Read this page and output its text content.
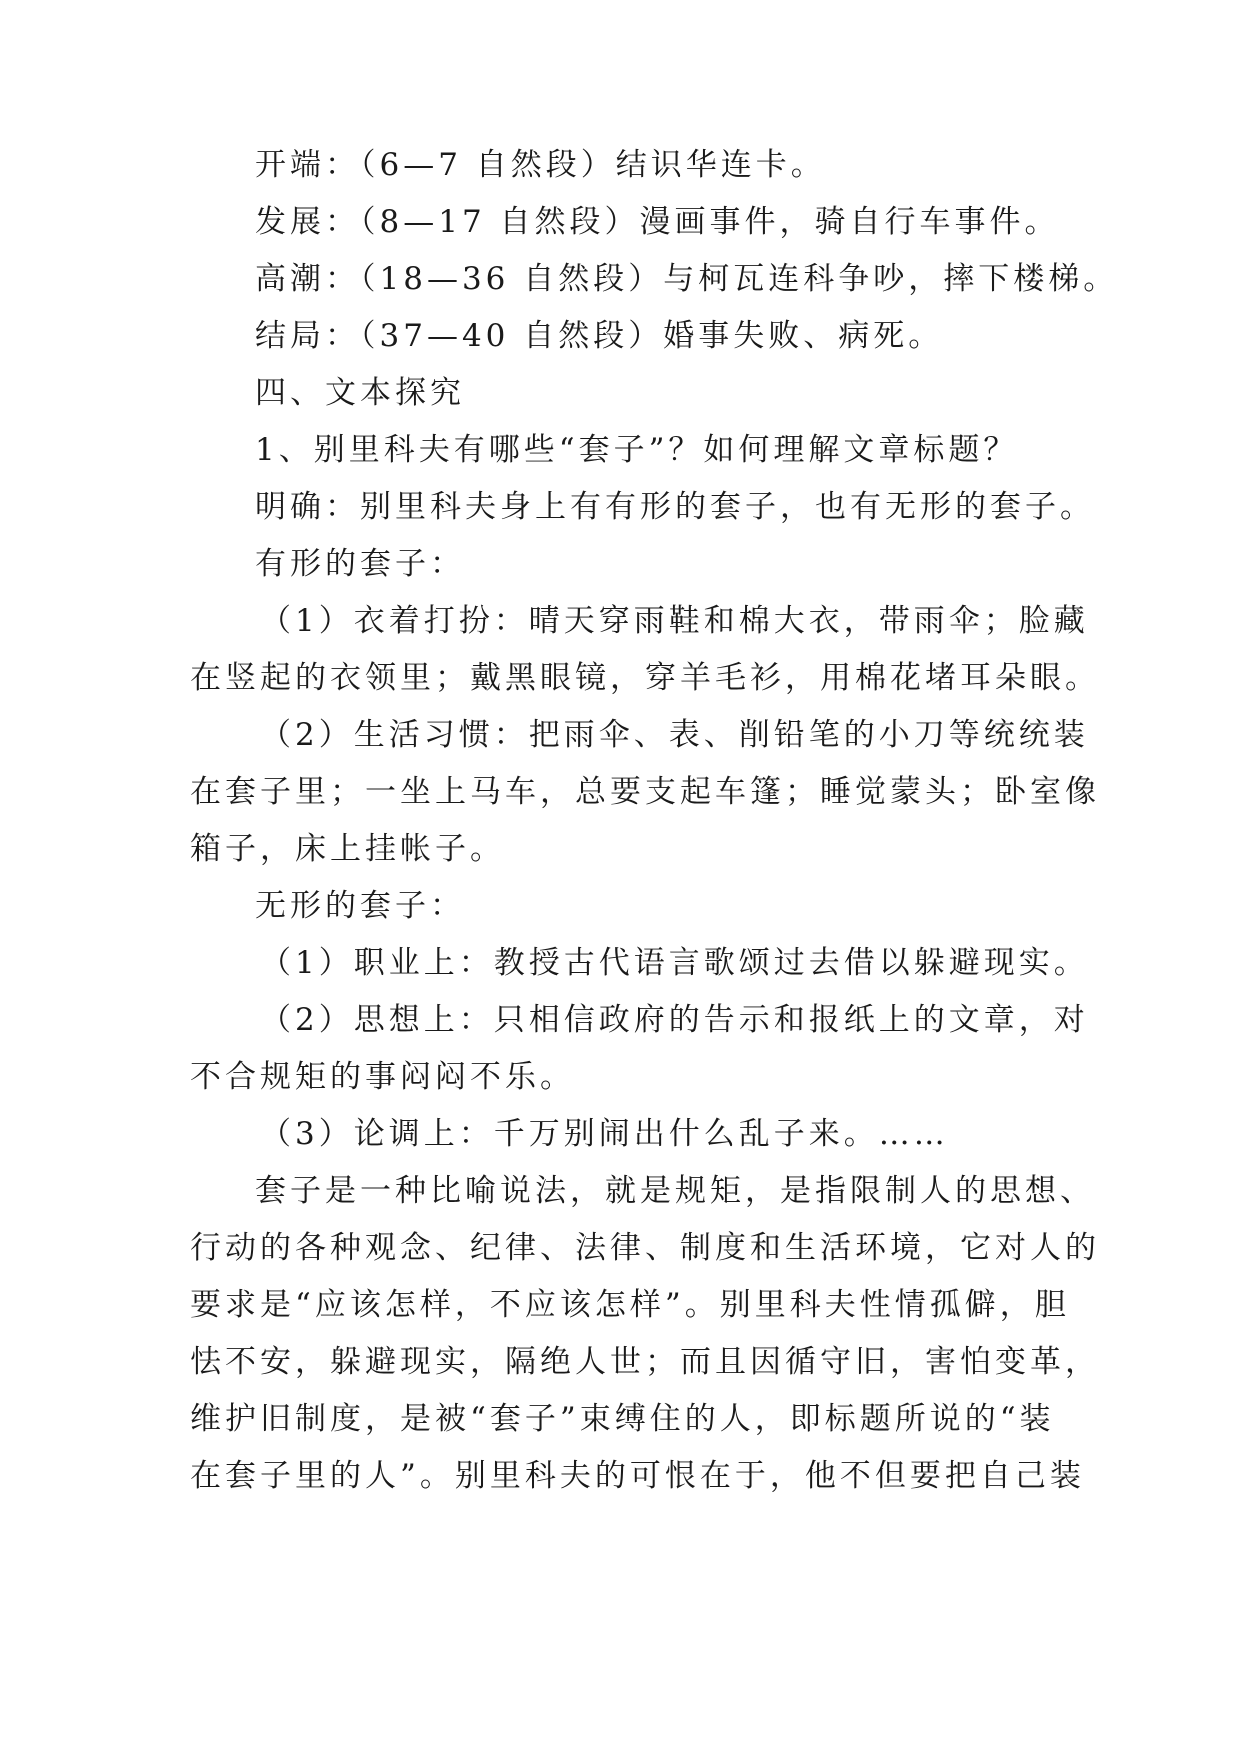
开端：（6—7 自然段）结识华连卡。
发展：（8—17 自然段）漫画事件，骑自行车事件。
高潮：（18—36 自然段）与柯瓦连科争吵，摔下楼梯。
结局：（37—40 自然段）婚事失败、病死。
四、文本探究
1、别里科夫有哪些“套子”？如何理解文章标题？
明确：别里科夫身上有有形的套子，也有无形的套子。
有形的套子：
（1）衣着打扮：晴天穿雨鞋和棉大衣，带雨伞；脸藏
在竖起的衣领里；戴黑眼镜，穿羊毛衫，用棉花堵耳朵眼。
（2）生活习惯：把雨伞、表、削铅笔的小刀等统统装
在套子里；一坐上马车，总要支起车篷；睡觉蒙头；卧室像
箱子，床上挂帐子。
无形的套子：
（1）职业上：教授古代语言歌颂过去借以躲避现实。
（2）思想上：只相信政府的告示和报纸上的文章，对
不合规矩的事闷闷不乐。
（3）论调上：千万别闹出什么乱子来。……
套子是一种比喻说法，就是规矩，是指限制人的思想、
行动的各种观念、纪律、法律、制度和生活环境，它对人的
要求是“应该怎样，不应该怎样”。别里科夫性情孤僻，胆
怯不安，躲避现实，隔绝人世；而且因循守旧，害怕变革，
维护旧制度，是被“套子”束缚住的人，即标题所说的“装
在套子里的人”。别里科夫的可恨在于，他不但要把自己装
